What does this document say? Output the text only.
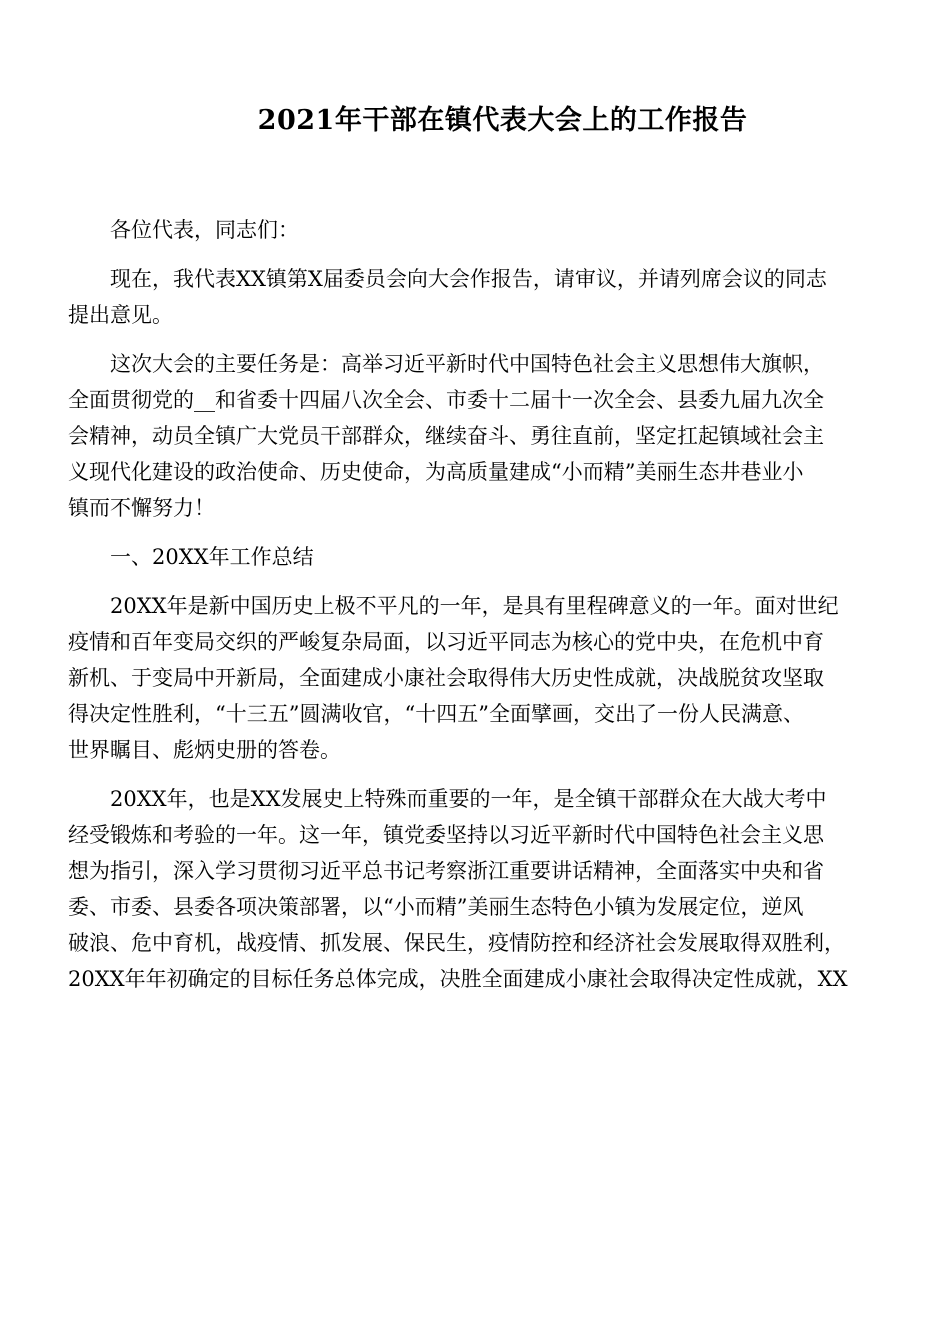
2021年干部在镇代表大会上的工作报告

各位代表，同志们：

现在，我代表XX镇第X届委员会向大会作报告，请审议，并请列席会议的同志
提出意见。

这次大会的主要任务是：高举习近平新时代中国特色社会主义思想伟大旗帜，
全面贯彻党的__和省委十四届八次全会、市委十二届十一次全会、县委九届九次全
会精神，动员全镇广大党员干部群众，继续奋斗、勇往直前，坚定扛起镇域社会主
义现代化建设的政治使命、历史使命，为高质量建成“小而精”美丽生态井巷业小
镇而不懈努力！

一、20XX年工作总结

20XX年是新中国历史上极不平凡的一年，是具有里程碑意义的一年。面对世纪
疫情和百年变局交织的严峻复杂局面，以习近平同志为核心的党中央，在危机中育
新机、于变局中开新局，全面建成小康社会取得伟大历史性成就，决战脱贫攻坚取
得决定性胜利，“十三五”圆满收官，“十四五”全面擘画，交出了一份人民满意、
世界瞩目、彪炳史册的答卷。

20XX年，也是XX发展史上特殊而重要的一年，是全镇干部群众在大战大考中
经受锻炼和考验的一年。这一年，镇党委坚持以习近平新时代中国特色社会主义思
想为指引，深入学习贯彻习近平总书记考察浙江重要讲话精神，全面落实中央和省
委、市委、县委各项决策部署，以“小而精”美丽生态特色小镇为发展定位，逆风
破浪、危中育机，战疫情、抓发展、保民生，疫情防控和经济社会发展取得双胜利，
20XX年年初确定的目标任务总体完成，决胜全面建成小康社会取得决定性成就，XX
